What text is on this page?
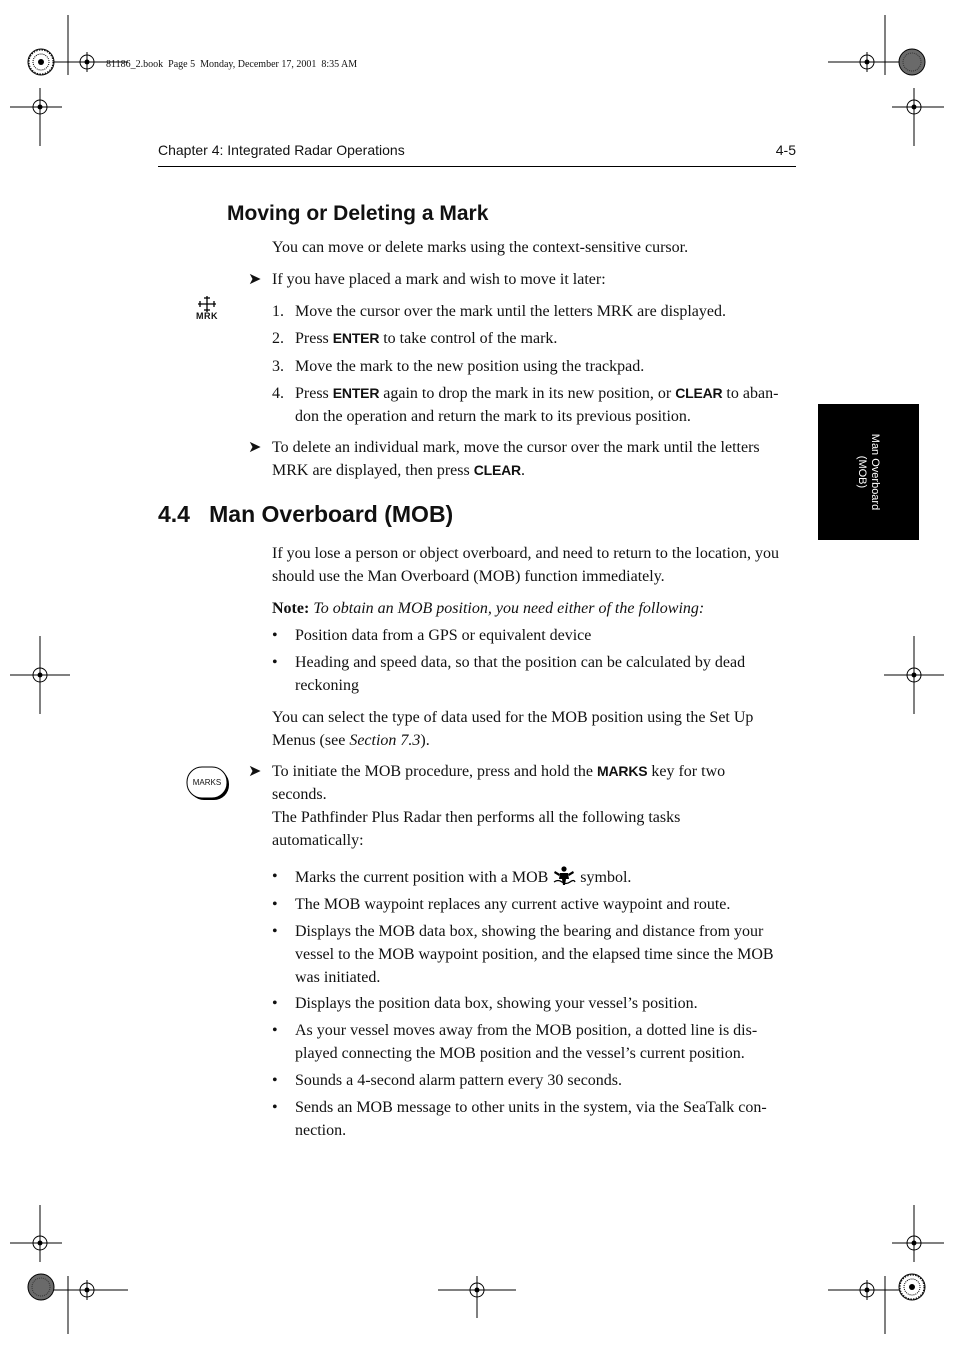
81186_2.book  Page 5  Monday, December 17, 2001  8:35 AM
Chapter 4: Integrated Radar Operations	4-5
Man Overboard
(MOB)
Moving or Deleting a Mark
You can move or delete marks using the context-sensitive cursor.
➤ If you have placed a mark and wish to move it later:
MRK	1. Move the cursor over the mark until the letters MRK are displayed.
2. Press ENTER to take control of the mark.
3. Move the mark to the new position using the trackpad.
4. Press ENTER again to drop the mark in its new position, or CLEAR to aban-
don the operation and return the mark to its previous position.
➤ To delete an individual mark, move the cursor over the mark until the letters
MRK are displayed, then press CLEAR.
4.4   Man Overboard (MOB)
If you lose a person or object overboard, and need to return to the location, you
should use the Man Overboard (MOB) function immediately.
Note: To obtain an MOB position, you need either of the following:
•	Position data from a GPS or equivalent device
•	Heading and speed data, so that the position can be calculated by dead
reckoning
You can select the type of data used for the MOB position using the Set Up
Menus (see Section 7.3).
MARKS
➤ To initiate the MOB procedure, press and hold the MARKS key for two
seconds.
The Pathfinder Plus Radar then performs all the following tasks
automatically:
•	Marks the current position with a MOB  symbol.
•	The MOB waypoint replaces any current active waypoint and route.
•	Displays the MOB data box, showing the bearing and distance from your
vessel to the MOB waypoint position, and the elapsed time since the MOB
was initiated.
•	Displays the position data box, showing your vessel’s position.
•	As your vessel moves away from the MOB position, a dotted line is dis-
played connecting the MOB position and the vessel’s current position.
•	Sounds a 4-second alarm pattern every 30 seconds.
•	Sends an MOB message to other units in the system, via the SeaTalk con-
nection.
